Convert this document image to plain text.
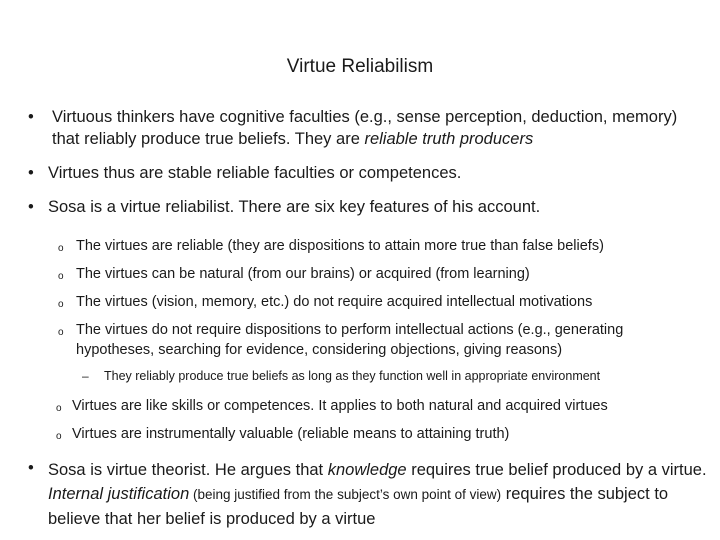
Virtue Reliabilism
•	Virtuous thinkers have cognitive faculties (e.g., sense perception, deduction, memory) that reliably produce true beliefs. They are reliable truth producers
• Virtues thus are stable reliable faculties or competences.
• Sosa is a virtue reliabilist. There are six key features of his account.
o The virtues are reliable (they are dispositions to attain more true than false beliefs)
o The virtues can be natural (from our brains) or acquired (from learning)
o The virtues (vision, memory, etc.) do not require acquired intellectual motivations
o The virtues do not require dispositions to perform intellectual actions (e.g., generating hypotheses, searching for evidence, considering objections, giving reasons)
–	They reliably produce true beliefs as long as they function well in appropriate environment
o Virtues are like skills or competences. It applies to both natural and acquired virtues
o Virtues are instrumentally valuable (reliable means to attaining truth)
• Sosa is virtue theorist. He argues that knowledge requires true belief produced by a virtue. Internal justification (being justified from the subject’s own point of view) requires the subject to believe that her belief is produced by a virtue
